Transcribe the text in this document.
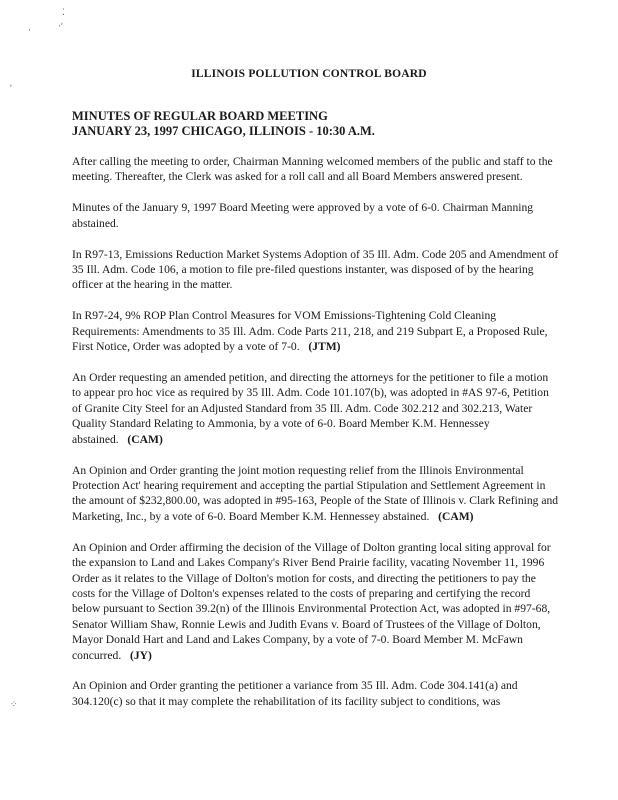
⁚
·ʹ
·
ʹ
⁘
ILLINOIS POLLUTION CONTROL BOARD
MINUTES OF REGULAR BOARD MEETING
JANUARY 23, 1997 CHICAGO, ILLINOIS - 10:30 A.M.

After calling the meeting to order, Chairman Manning welcomed members of the public and staff to the meeting. Thereafter, the Clerk was asked for a roll call and all Board Members answered present.

Minutes of the January 9, 1997 Board Meeting were approved by a vote of 6-0. Chairman Manning abstained.

In R97-13, Emissions Reduction Market Systems Adoption of 35 Ill. Adm. Code 205 and Amendment of 35 Ill. Adm. Code 106, a motion to file pre-filed questions instanter, was disposed of by the hearing officer at the hearing in the matter.

In R97-24, 9% ROP Plan Control Measures for VOM Emissions-Tightening Cold Cleaning Requirements: Amendments to 35 Ill. Adm. Code Parts 211, 218, and 219 Subpart E, a Proposed Rule, First Notice, Order was adopted by a vote of 7-0. (JTM)

An Order requesting an amended petition, and directing the attorneys for the petitioner to file a motion to appear pro hoc vice as required by 35 Ill. Adm. Code 101.107(b), was adopted in #AS 97-6, Petition of Granite City Steel for an Adjusted Standard from 35 Ill. Adm. Code 302.212 and 302.213, Water Quality Standard Relating to Ammonia, by a vote of 6-0. Board Member K.M. Hennessey abstained. (CAM)

An Opinion and Order granting the joint motion requesting relief from the Illinois Environmental Protection Act' hearing requirement and accepting the partial Stipulation and Settlement Agreement in the amount of $232,800.00, was adopted in #95-163, People of the State of Illinois v. Clark Refining and Marketing, Inc., by a vote of 6-0. Board Member K.M. Hennessey abstained. (CAM)

An Opinion and Order affirming the decision of the Village of Dolton granting local siting approval for the expansion to Land and Lakes Company's River Bend Prairie facility, vacating November 11, 1996 Order as it relates to the Village of Dolton's motion for costs, and directing the petitioners to pay the costs for the Village of Dolton's expenses related to the costs of preparing and certifying the record below pursuant to Section 39.2(n) of the Illinois Environmental Protection Act, was adopted in #97-68, Senator William Shaw, Ronnie Lewis and Judith Evans v. Board of Trustees of the Village of Dolton, Mayor Donald Hart and Land and Lakes Company, by a vote of 7-0. Board Member M. McFawn concurred. (JY)

An Opinion and Order granting the petitioner a variance from 35 Ill. Adm. Code 304.141(a) and 304.120(c) so that it may complete the rehabilitation of its facility subject to conditions, was
